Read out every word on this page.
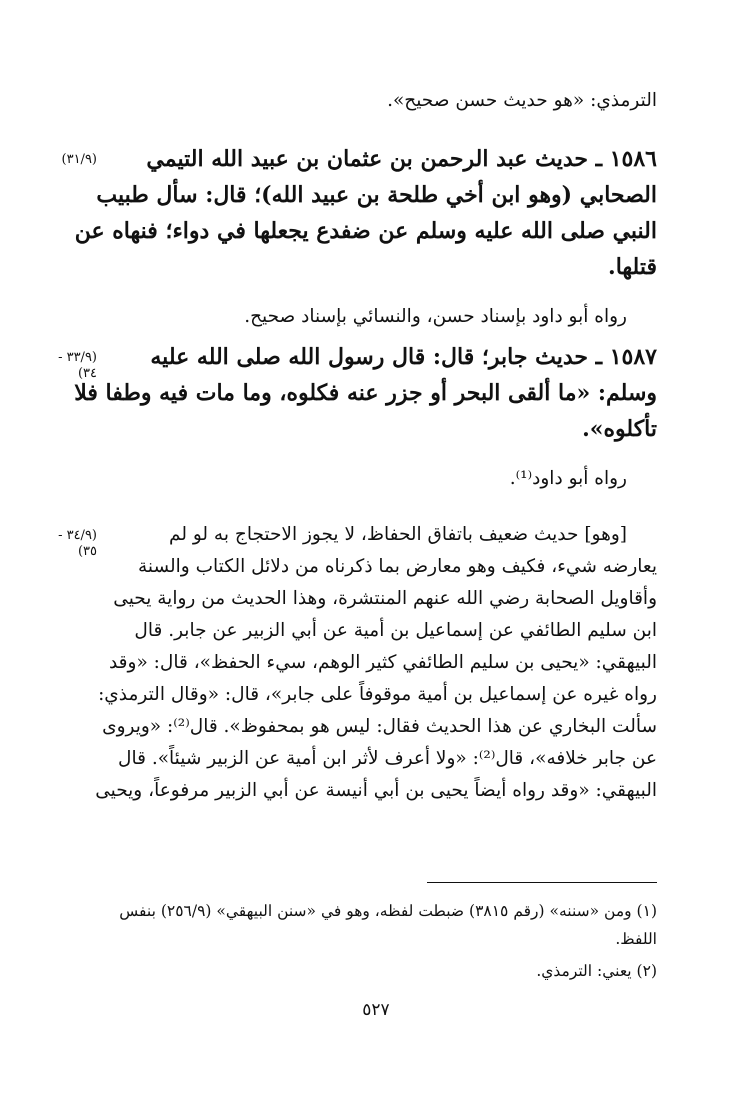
الترمذي: «هو حديث حسن صحيح».
(٣١/٩)	١٥٨٦ ـ حديث عبد الرحمن بن عثمان بن عبيد الله التيمي
الصحابي (وهو ابن أخي طلحة بن عبيد الله)؛ قال: سأل طبيب
النبي صلى الله عليه وسلم عن ضفدع يجعلها في دواء؛ فنهاه عن
قتلها.
رواه أبو داود بإسناد حسن، والنسائي بإسناد صحيح.
(٣٣/٩ -
٣٤)
١٥٨٧ ـ حديث جابر؛ قال: قال رسول الله صلى الله عليه
وسلم: «ما ألقى البحر أو جزر عنه فكلوه، وما مات فيه وطفا فلا
تأكلوه».
رواه أبو داود⁽¹⁾.
(٣٤/٩ -
٣٥)
[وهو] حديث ضعيف باتفاق الحفاظ، لا يجوز الاحتجاج به لو لم
يعارضه شيء، فكيف وهو معارض بما ذكرناه من دلائل الكتاب والسنة
وأقاويل الصحابة رضي الله عنهم المنتشرة، وهذا الحديث من رواية يحيى
ابن سليم الطائفي عن إسماعيل بن أمية عن أبي الزبير عن جابر. قال
البيهقي: «يحيى بن سليم الطائفي كثير الوهم، سيء الحفظ»، قال: «وقد
رواه غيره عن إسماعيل بن أمية موقوفاً على جابر»، قال: «وقال الترمذي:
سألت البخاري عن هذا الحديث فقال: ليس هو بمحفوظ». قال⁽²⁾: «ويروى
عن جابر خلافه»، قال⁽²⁾: «ولا أعرف لأثر ابن أمية عن الزبير شيئاً». قال
البيهقي: «وقد رواه أيضاً يحيى بن أبي أنيسة عن أبي الزبير مرفوعاً، ويحيى
(١) ومن «سننه» (رقم ٣٨١٥) ضبطت لفظه، وهو في «سنن البيهقي» (٢٥٦/٩) بنفس
اللفظ.
(٢) يعني: الترمذي.
٥٢٧
